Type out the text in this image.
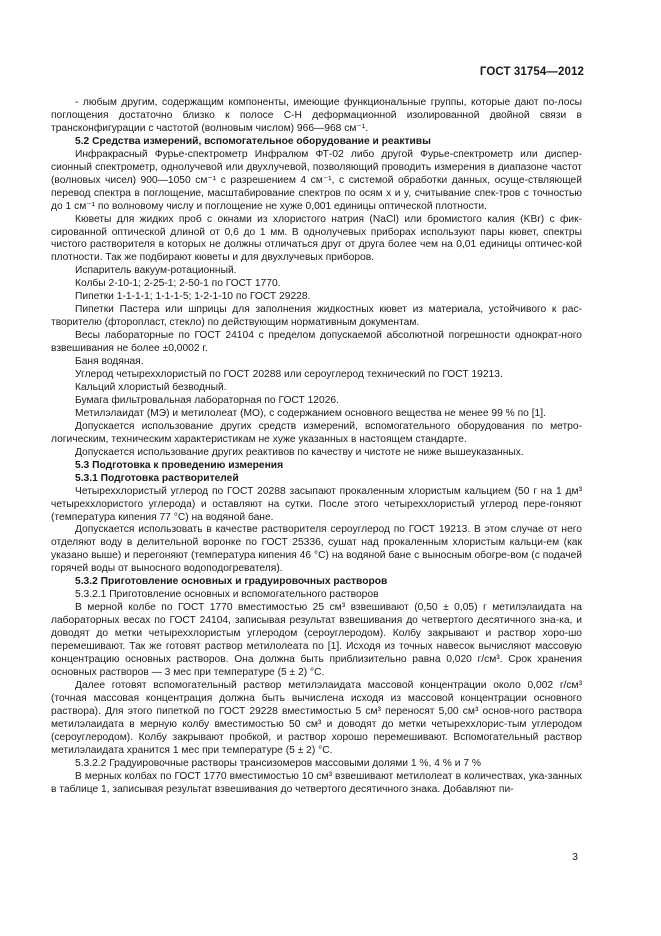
ГОСТ 31754—2012

- любым другим, содержащим компоненты, имеющие функциональные группы, которые дают по-лосы поглощения достаточно близко к полосе С-Н деформационной изолированной двойной связи в трансконфигурации с частотой (волновым числом) 966—968 см⁻¹.

5.2 Средства измерений, вспомогательное оборудование и реактивы

Инфракрасный Фурье-спектрометр Инфралюм ФТ-02 либо другой Фурье-спектрометр или диспер-сионный спектрометр, однолучевой или двухлучевой, позволяющий проводить измерения в диапазоне частот (волновых чисел) 900—1050 см⁻¹ с разрешением 4 см⁻¹, с системой обработки данных, осуще-ствляющей перевод спектра в поглощение, масштабирование спектров по осям x и y, считывание спек-тров с точностью до 1 см⁻¹ по волновому числу и поглощение не хуже 0,001 единицы оптической плотности.

Кюветы для жидких проб с окнами из хлористого натрия (NaCl) или бромистого калия (KBr) с фик-сированной оптической длиной от 0,6 до 1 мм. В однолучевых приборах используют пары кювет, спектры чистого растворителя в которых не должны отличаться друг от друга более чем на 0,01 единицы оптичес-кой плотности. Так же подбирают кюветы и для двухлучевых приборов.

Испаритель вакуум-ротационный.

Колбы 2-10-1; 2-25-1; 2-50-1 по ГОСТ 1770.

Пипетки 1-1-1-1; 1-1-1-5; 1-2-1-10 по ГОСТ 29228.

Пипетки Пастера или шприцы для заполнения жидкостных кювет из материала, устойчивого к рас-творителю (фторопласт, стекло) по действующим нормативным документам.

Весы лабораторные по ГОСТ 24104 с пределом допускаемой абсолютной погрешности однократ-ного взвешивания не более ±0,0002 г.

Баня водяная.

Углерод четыреххлористый по ГОСТ 20288 или сероуглерод технический по ГОСТ 19213.

Кальций хлористый безводный.

Бумага фильтровальная лабораторная по ГОСТ 12026.

Метилэлаидат (МЭ) и метилолеат (МО), с содержанием основного вещества не менее 99 % по [1].

Допускается использование других средств измерений, вспомогательного оборудования по метро-логическим, техническим характеристикам не хуже указанных в настоящем стандарте.

Допускается использование других реактивов по качеству и чистоте не ниже вышеуказанных.

5.3 Подготовка к проведению измерения

5.3.1 Подготовка растворителей

Четыреххлористый углерод по ГОСТ 20288 засыпают прокаленным хлористым кальцием (50 г на 1 дм³ четыреххлористого углерода) и оставляют на сутки. После этого четыреххлористый углерод пере-гоняют (температура кипения 77 °С) на водяной бане.

Допускается использовать в качестве растворителя сероуглерод по ГОСТ 19213. В этом случае от него отделяют воду в делительной воронке по ГОСТ 25336, сушат над прокаленным хлористым кальци-ем (как указано выше) и перегоняют (температура кипения 46 °С) на водяной бане с выносным обогре-вом (с подачей горячей воды от выносного водоподогревателя).

5.3.2 Приготовление основных и градуировочных растворов

5.3.2.1 Приготовление основных и вспомогательного растворов

В мерной колбе по ГОСТ 1770 вместимостью 25 см³ взвешивают (0,50 ± 0,05) г метилэлаидата на лабораторных весах по ГОСТ 24104, записывая результат взвешивания до четвертого десятичного зна-ка, и доводят до метки четыреххлористым углеродом (сероуглеродом). Колбу закрывают и раствор хоро-шо перемешивают. Так же готовят раствор метилолеата по [1]. Исходя из точных навесок вычисляют массовую концентрацию основных растворов. Она должна быть приблизительно равна 0,020 г/см³. Срок хранения основных растворов — 3 мес при температуре (5 ± 2) °С.

Далее готовят вспомогательный раствор метилэлаидата массовой концентрации около 0,002 г/см³ (точная массовая концентрация должна быть вычислена исходя из массовой концентрации основного раствора). Для этого пипеткой по ГОСТ 29228 вместимостью 5 см³ переносят 5,00 см³ основ-ного раствора метилэлаидата в мерную колбу вместимостью 50 см³ и доводят до метки четыреххлорис-тым углеродом (сероуглеродом). Колбу закрывают пробкой, и раствор хорошо перемешивают. Вспомогательный раствор метилэлаидата хранится 1 мес при температуре (5 ± 2) °С.

5.3.2.2 Градуировочные растворы трансизомеров массовыми долями 1 %, 4 % и 7 %

В мерных колбах по ГОСТ 1770 вместимостью 10 см³ взвешивают метилолеат в количествах, ука-занных в таблице 1, записывая результат взвешивания до четвертого десятичного знака. Добавляют пи-

3
